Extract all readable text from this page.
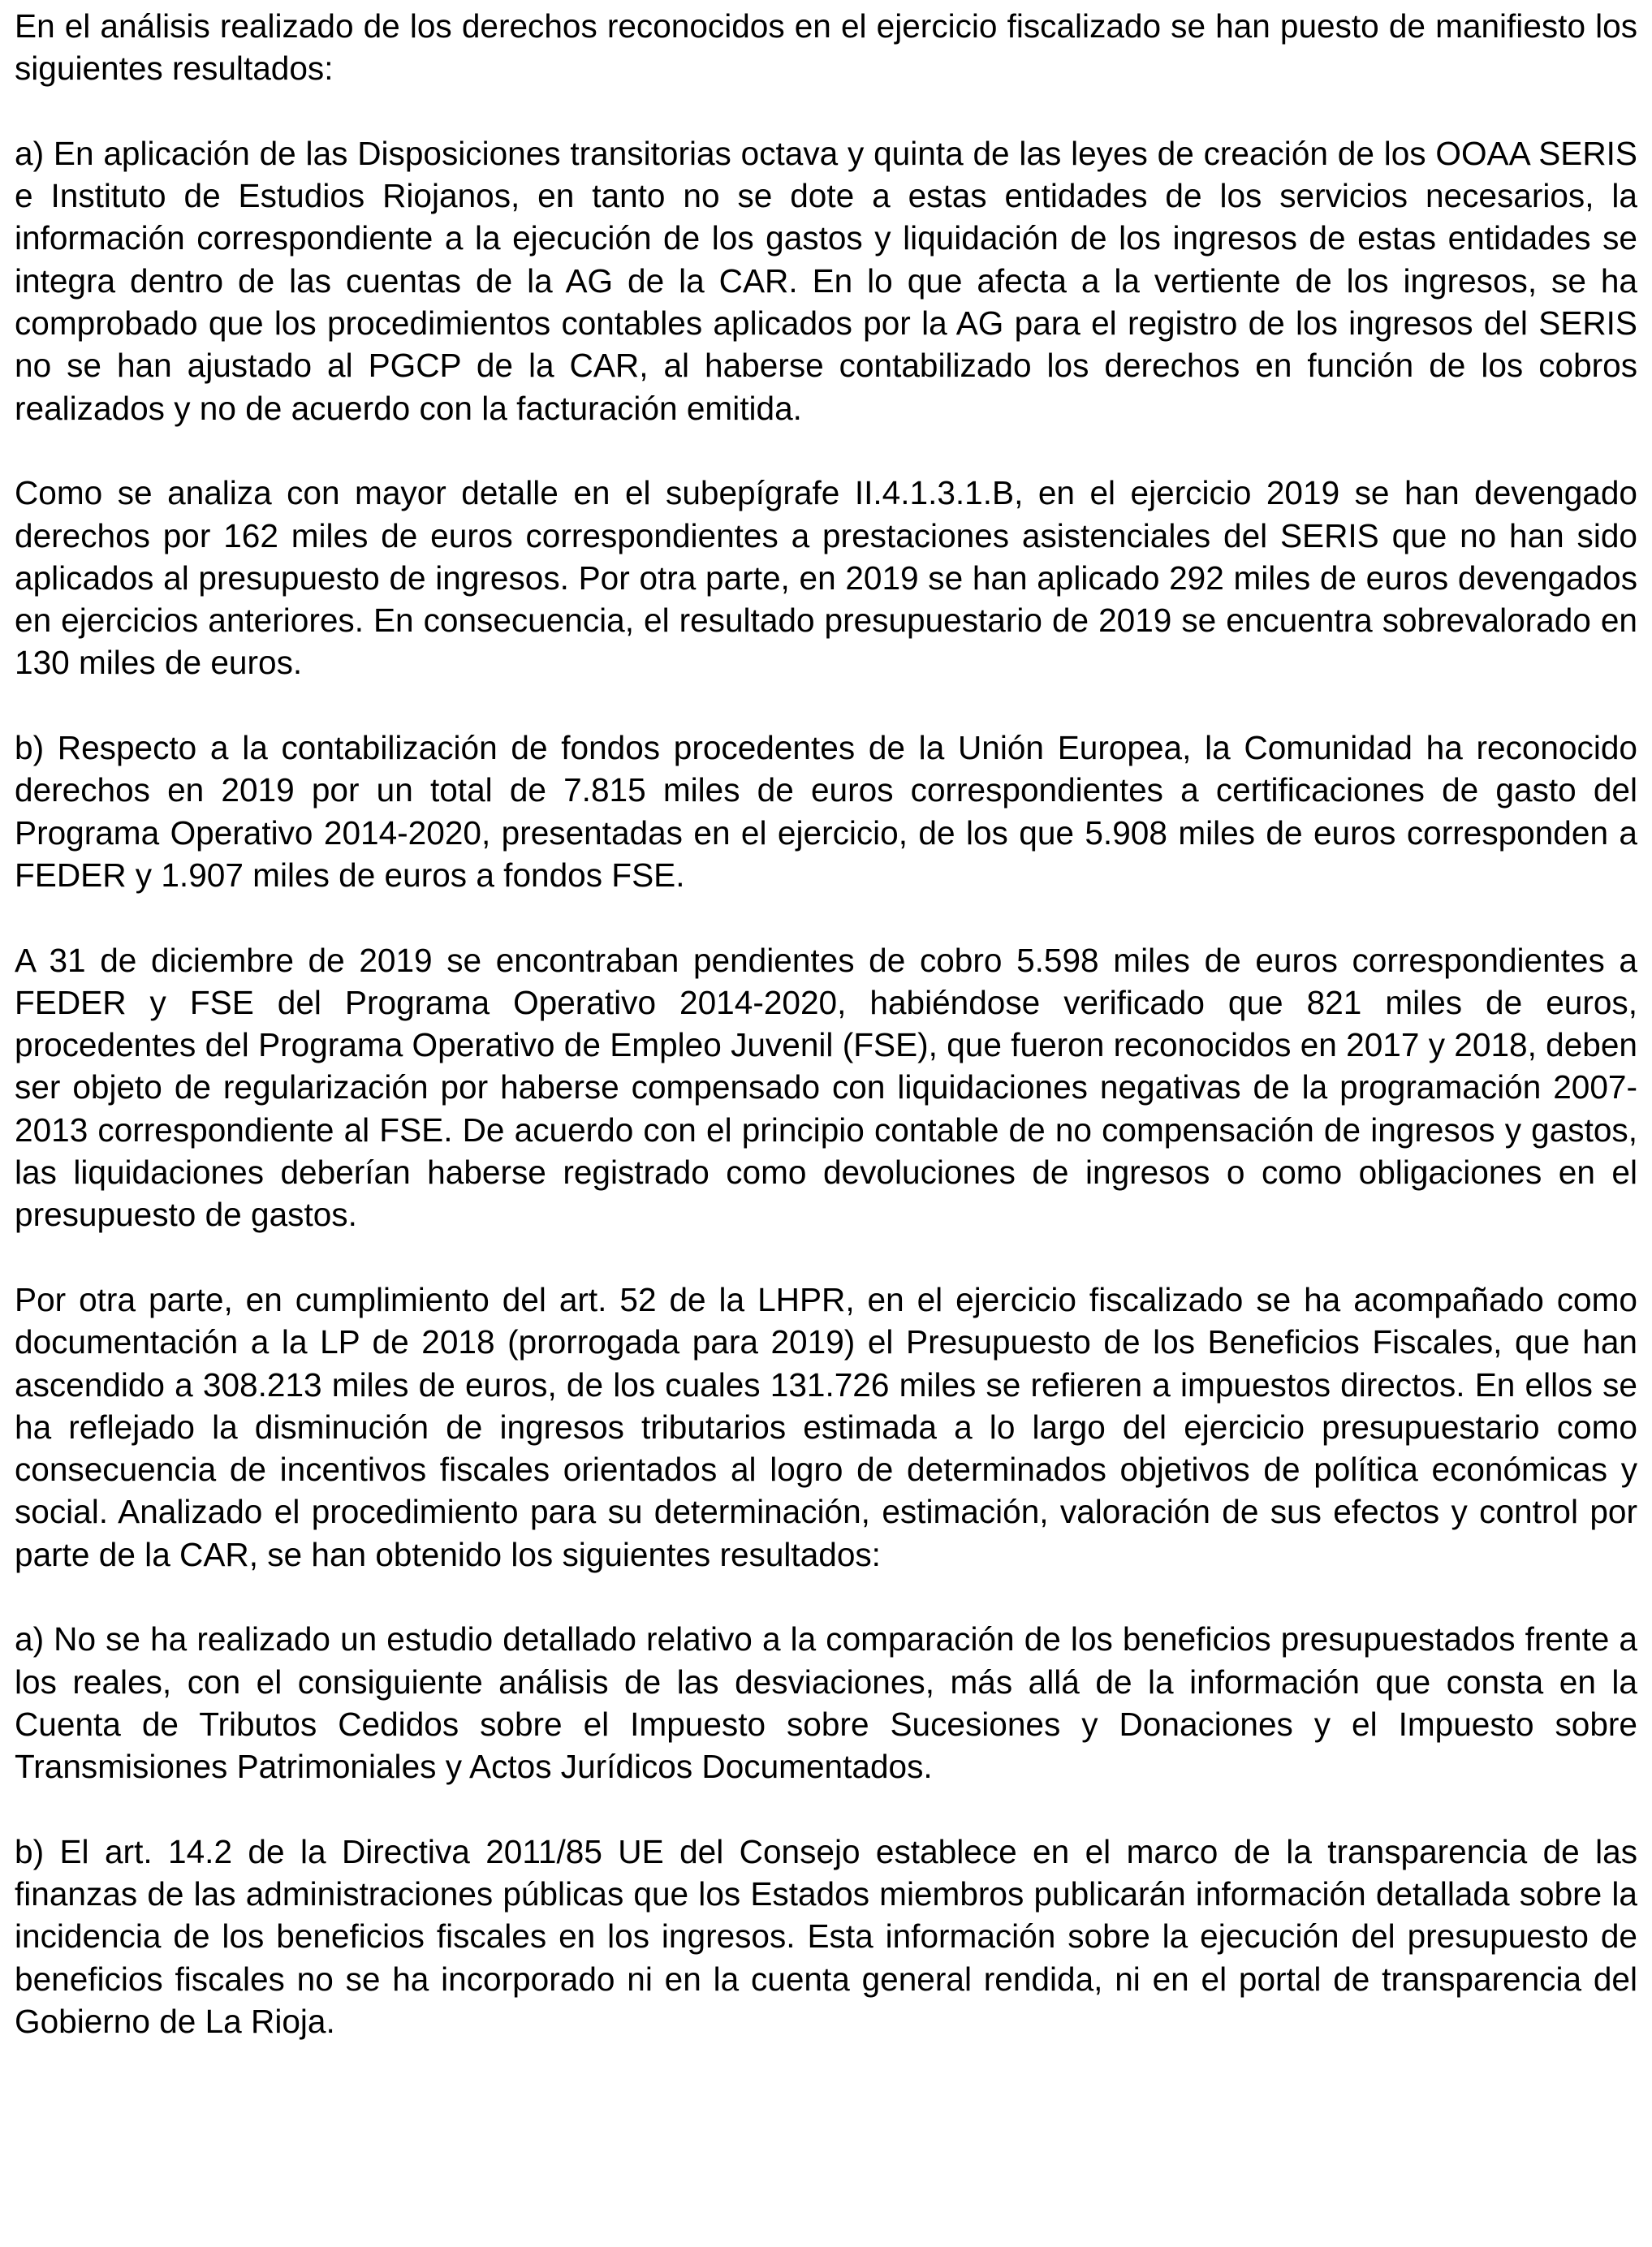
En el análisis realizado de los derechos reconocidos en el ejercicio fiscalizado se han puesto de manifiesto los siguientes resultados:

a) En aplicación de las Disposiciones transitorias octava y quinta de las leyes de creación de los OOAA SERIS e Instituto de Estudios Riojanos, en tanto no se dote a estas entidades de los servicios necesarios, la información correspondiente a la ejecución de los gastos y liquidación de los ingresos de estas entidades se integra dentro de las cuentas de la AG de la CAR. En lo que afecta a la vertiente de los ingresos, se ha comprobado que los procedimientos contables aplicados por la AG para el registro de los ingresos del SERIS no se han ajustado al PGCP de la CAR, al haberse contabilizado los derechos en función de los cobros realizados y no de acuerdo con la facturación emitida.

Como se analiza con mayor detalle en el subepígrafe II.4.1.3.1.B, en el ejercicio 2019 se han devengado derechos por 162 miles de euros correspondientes a prestaciones asistenciales del SERIS que no han sido aplicados al presupuesto de ingresos. Por otra parte, en 2019 se han aplicado 292 miles de euros devengados en ejercicios anteriores. En consecuencia, el resultado presupuestario de 2019 se encuentra sobrevalorado en 130 miles de euros.

b) Respecto a la contabilización de fondos procedentes de la Unión Europea, la Comunidad ha reconocido derechos en 2019 por un total de 7.815 miles de euros correspondientes a certificaciones de gasto del Programa Operativo 2014-2020, presentadas en el ejercicio, de los que 5.908 miles de euros corresponden a FEDER y 1.907 miles de euros a fondos FSE.

A 31 de diciembre de 2019 se encontraban pendientes de cobro 5.598 miles de euros correspondientes a FEDER y FSE del Programa Operativo 2014-2020, habiéndose verificado que 821 miles de euros, procedentes del Programa Operativo de Empleo Juvenil (FSE), que fueron reconocidos en 2017 y 2018, deben ser objeto de regularización por haberse compensado con liquidaciones negativas de la programación 2007-2013 correspondiente al FSE. De acuerdo con el principio contable de no compensación de ingresos y gastos, las liquidaciones deberían haberse registrado como devoluciones de ingresos o como obligaciones en el presupuesto de gastos.

Por otra parte, en cumplimiento del art. 52 de la LHPR, en el ejercicio fiscalizado se ha acompañado como documentación a la LP de 2018 (prorrogada para 2019) el Presupuesto de los Beneficios Fiscales, que han ascendido a 308.213 miles de euros, de los cuales 131.726 miles se refieren a impuestos directos. En ellos se ha reflejado la disminución de ingresos tributarios estimada a lo largo del ejercicio presupuestario como consecuencia de incentivos fiscales orientados al logro de determinados objetivos de política económicas y social. Analizado el procedimiento para su determinación, estimación, valoración de sus efectos y control por parte de la CAR, se han obtenido los siguientes resultados:

a) No se ha realizado un estudio detallado relativo a la comparación de los beneficios presupuestados frente a los reales, con el consiguiente análisis de las desviaciones, más allá de la información que consta en la Cuenta de Tributos Cedidos sobre el Impuesto sobre Sucesiones y Donaciones y el Impuesto sobre Transmisiones Patrimoniales y Actos Jurídicos Documentados.

b) El art. 14.2 de la Directiva 2011/85 UE del Consejo establece en el marco de la transparencia de las finanzas de las administraciones públicas que los Estados miembros publicarán información detallada sobre la incidencia de los beneficios fiscales en los ingresos. Esta información sobre la ejecución del presupuesto de beneficios fiscales no se ha incorporado ni en la cuenta general rendida, ni en el portal de transparencia del Gobierno de La Rioja.
